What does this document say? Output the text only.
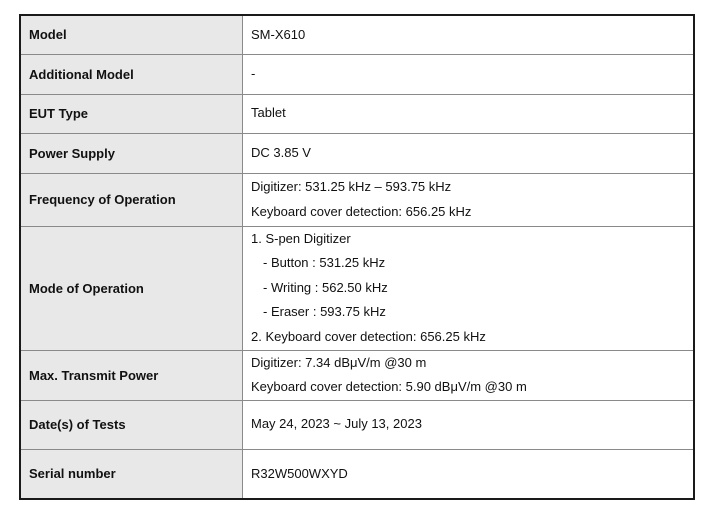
Model	SM-X610

Additional Model	-

EUT Type	Tablet

Power Supply	DC 3.85 V

Frequency of Operation	Digitizer: 531.25 kHz – 593.75 kHz
Keyboard cover detection: 656.25 kHz

Mode of Operation	1. S-pen Digitizer
- Button : 531.25 kHz
- Writing : 562.50 kHz
- Eraser : 593.75 kHz
2. Keyboard cover detection: 656.25 kHz

Max. Transmit Power	Digitizer: 7.34 dBμV/m @30 m
Keyboard cover detection: 5.90 dBμV/m @30 m

Date(s) of Tests	May 24, 2023 ~ July 13, 2023

Serial number	R32W500WXYD
